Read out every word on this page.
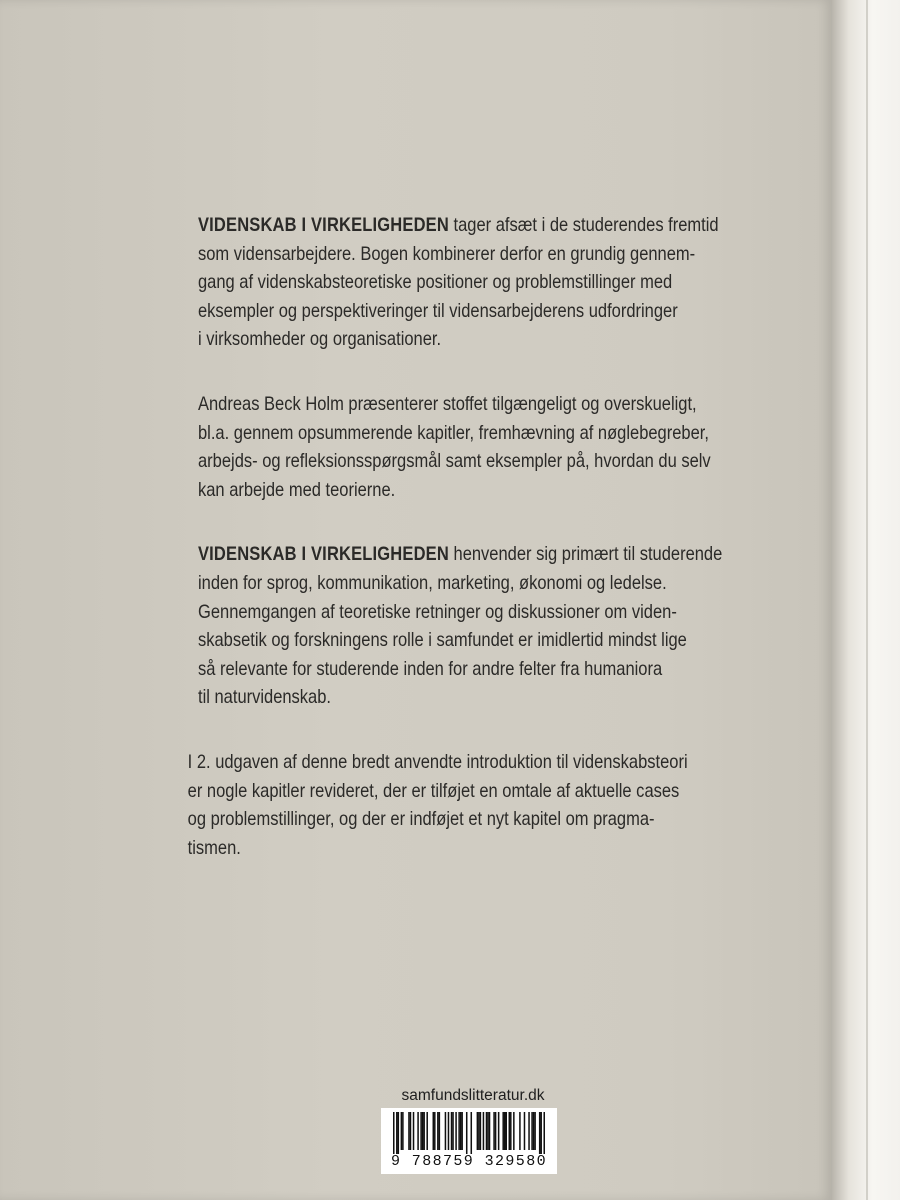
VIDENSKAB I VIRKELIGHEDEN tager afsæt i de studerendes fremtid
som vidensarbejdere. Bogen kombinerer derfor en grundig gennem-
gang af videnskabsteoretiske positioner og problemstillinger med
eksempler og perspektiveringer til vidensarbejderens udfordringer
i virksomheder og organisationer.
Andreas Beck Holm præsenterer stoffet tilgængeligt og overskueligt,
bl.a. gennem opsummerende kapitler, fremhævning af nøglebegreber,
arbejds- og refleksionsspørgsmål samt eksempler på, hvordan du selv
kan arbejde med teorierne.
VIDENSKAB I VIRKELIGHEDEN henvender sig primært til studerende
inden for sprog, kommunikation, marketing, økonomi og ledelse.
Gennemgangen af teoretiske retninger og diskussioner om viden-
skabsetik og forskningens rolle i samfundet er imidlertid mindst lige
så relevante for studerende inden for andre felter fra humaniora
til naturvidenskab.
I 2. udgaven af denne bredt anvendte introduktion til videnskabsteori
er nogle kapitler revideret, der er tilføjet en omtale af aktuelle cases
og problemstillinger, og der er indføjet et nyt kapitel om pragma-
tismen.
samfundslitteratur.dk
9 788759 329580
